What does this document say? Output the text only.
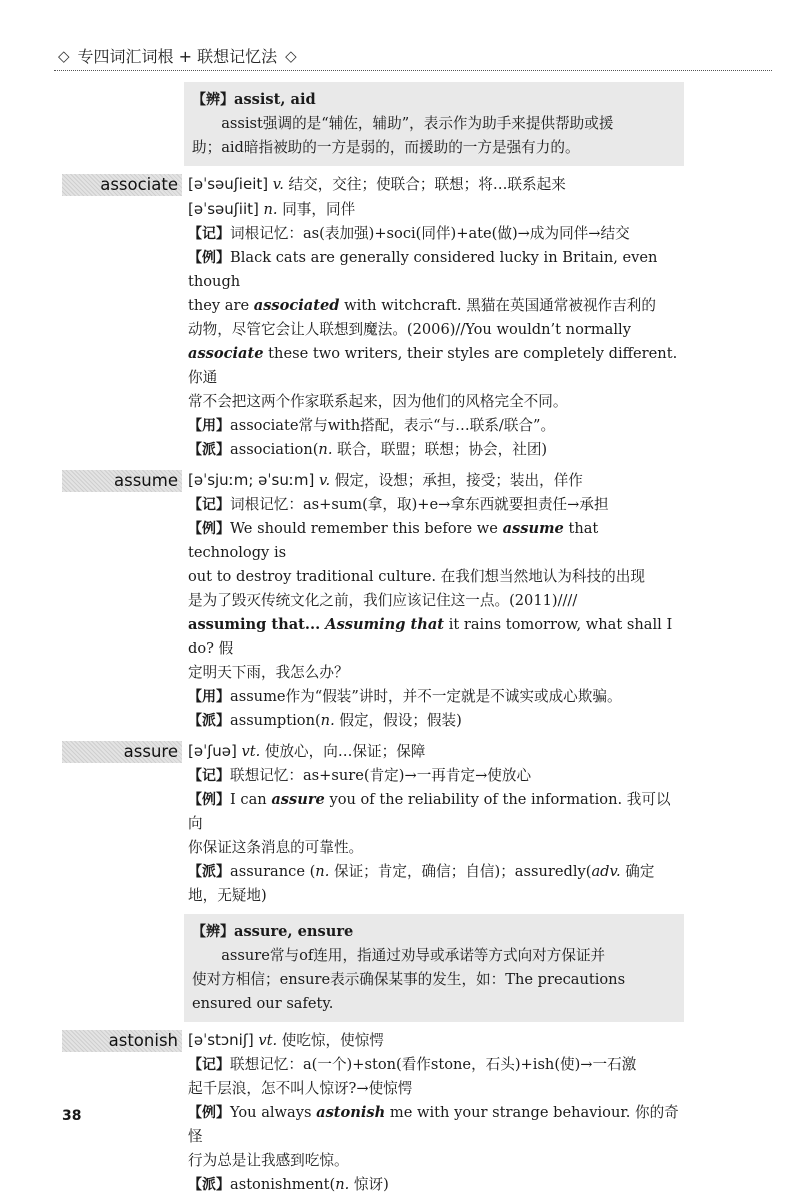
◇ 专四词汇词根 + 联想记忆法 ◇
【辨】assist, aid
assist强调的是“辅佐，辅助”，表示作为助手来提供帮助或援
助；aid暗指被助的一方是弱的，而援助的一方是强有力的。
associate [əˈsəuʃieit] v. 结交，交往；使联合；联想；将…联系起来
[əˈsəuʃiit] n. 同事，同伴
【记】词根记忆：as(表加强)+soci(同伴)+ate(做)→成为同伴→结交
【例】Black cats are generally considered lucky in Britain, even though
they are associated with witchcraft. 黑猫在英国通常被视作吉利的
动物，尽管它会让人联想到魔法。(2006)//You wouldn’t normally
associate these two writers, their styles are completely different. 你通
常不会把这两个作家联系起来，因为他们的风格完全不同。
【用】associate常与with搭配，表示“与…联系/联合”。
【派】association(n. 联合，联盟；联想；协会，社团)
assume [əˈsjuːm; əˈsuːm] v. 假定，设想；承担，接受；装出，佯作
【记】词根记忆：as+sum(拿，取)+e→拿东西就要担责任→承担
【例】We should remember this before we assume that technology is
out to destroy traditional culture. 在我们想当然地认为科技的出现
是为了毁灭传统文化之前，我们应该记住这一点。(2011)////
assuming that... Assuming that it rains tomorrow, what shall I do? 假
定明天下雨，我怎么办？
【用】assume作为“假装”讲时，并不一定就是不诚实或成心欺骗。
【派】assumption(n. 假定，假设；假装)
assure [əˈʃuə] vt. 使放心，向…保证；保障
【记】联想记忆：as+sure(肯定)→一再肯定→使放心
【例】I can assure you of the reliability of the information. 我可以向
你保证这条消息的可靠性。
【派】assurance (n. 保证；肯定，确信；自信)；assuredly(adv. 确定
地，无疑地)
【辨】assure, ensure
assure常与of连用，指通过劝导或承诺等方式向对方保证并
使对方相信；ensure表示确保某事的发生，如：The precautions
ensured our safety.
astonish [əˈstɔniʃ] vt. 使吃惊，使惊愕
【记】联想记忆：a(一个)+ston(看作stone，石头)+ish(使)→一石激
起千层浪，怎不叫人惊讶?→使惊愕
【例】You always astonish me with your strange behaviour. 你的奇怪
行为总是让我感到吃惊。
【派】astonishment(n. 惊讶)
38
